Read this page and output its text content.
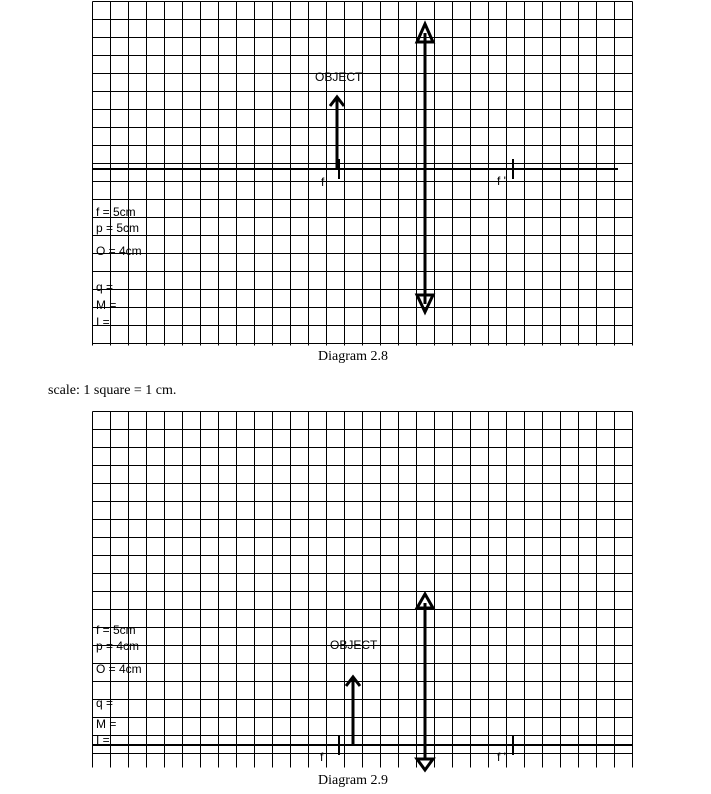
OBJECT
f	f '
f = 5cm
p = 5cm
O = 4cm
q =
M =
I =
Diagram 2.8
scale: 1 square = 1 cm.
OBJECT
f	f '
f = 5cm
p = 4cm
O = 4cm
q =
M =
I =
Diagram 2.9
